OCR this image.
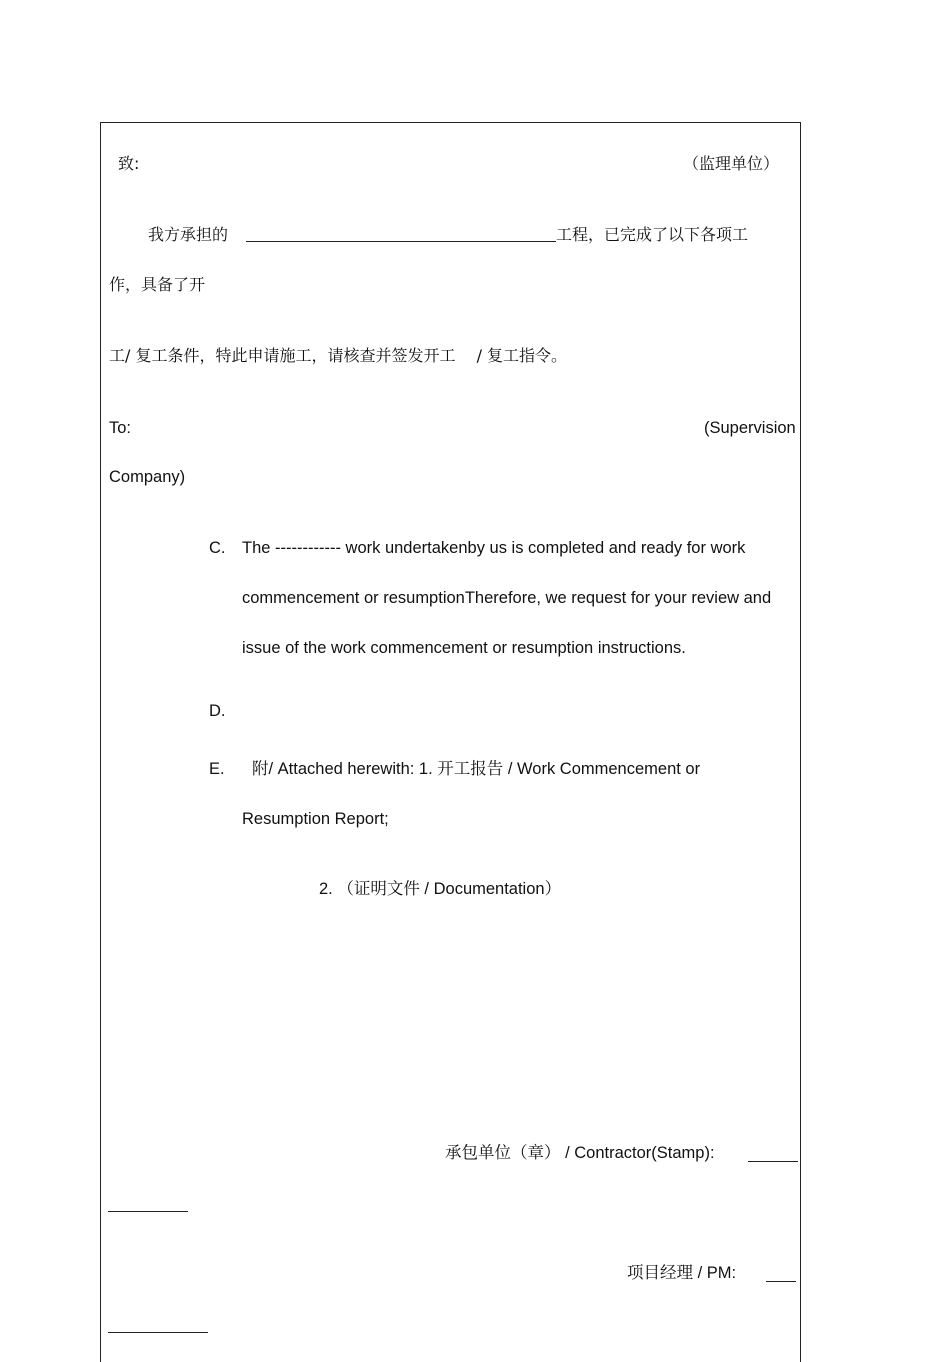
致:	（监理单位）
我方承担的	工程，已完成了以下各项工
作，具备了开
工/ 复工条件，特此申请施工，请核查并签发开工　 / 复工指令。
To:	(Supervision
Company)
C. The ------------ work undertakenby us is completed and ready for work
commencement or resumptionTherefore, we request for your review and
issue of the work commencement or resumption instructions.
D.
E. 附/ Attached herewith: 1. 开工报告 / Work Commencement or
Resumption Report;
2. （证明文件 / Documentation）
承包单位（章） / Contractor(Stamp):
项目经理 / PM:
